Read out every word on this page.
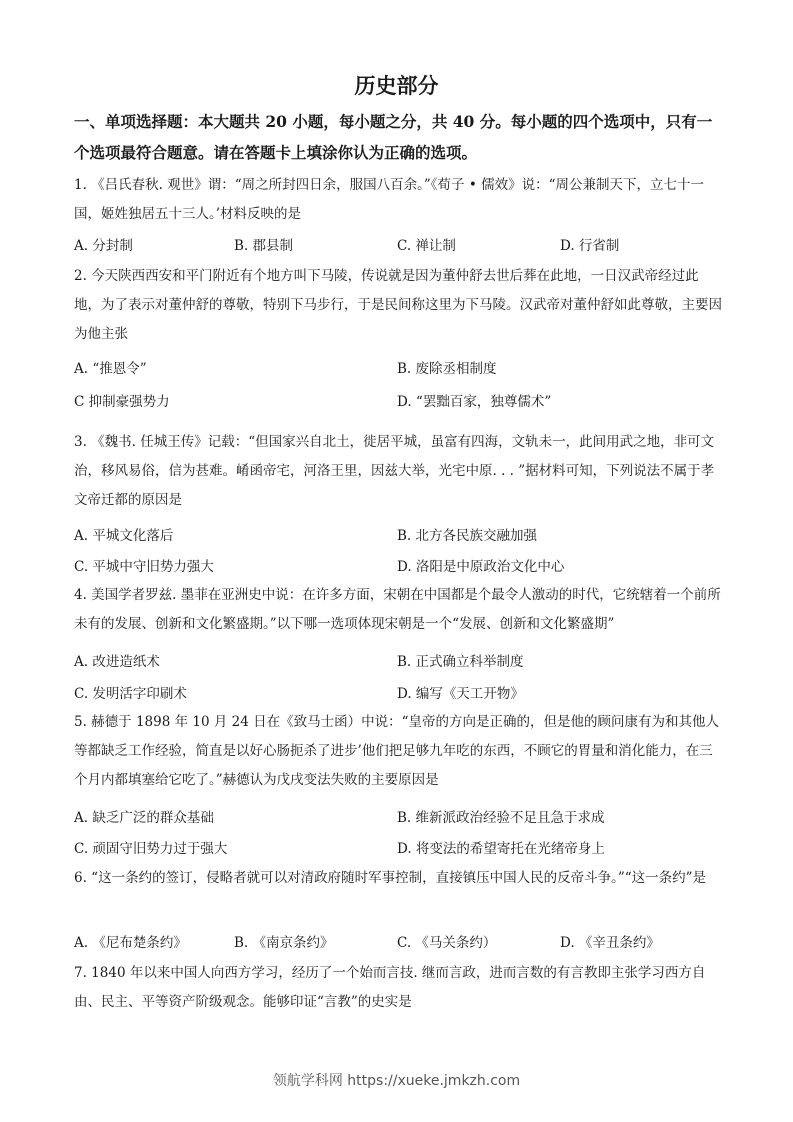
历史部分
一、单项选择题：本大题共 20 小题，每小题之分，共 40 分。每小题的四个选项中，只有一个选项最符合题意。请在答题卡上填涂你认为正确的选项。
1. 《吕氏春秋. 观世》谓：“周之所封四日余，服国八百余。”《荀子 • 儒效》说：“周公兼制天下，立七十一国，姬姓独居五十三人。’材料反映的是
A. 分封制	B. 郡县制	C. 禅让制	D. 行省制
2. 今天陕西西安和平门附近有个地方叫下马陵，传说就是因为董仲舒去世后葬在此地，一日汉武帝经过此地，为了表示对董仲舒的尊敬，特别下马步行，于是民间称这里为下马陵。汉武帝对董仲舒如此尊敬，主要因为他主张
A. “推恩令”	B. 废除丞相制度
C 抑制豪强势力	D. “罢黜百家，独尊儒术”
3. 《魏书. 任城王传》记载：“但国家兴自北土，徙居平城，虽富有四海，文轨未一，此间用武之地，非可文治，移风易俗，信为甚难。崤函帝宅，河洛王里，因兹大举，光宅中原. . . ”据材料可知，下列说法不属于孝文帝迁都的原因是
A. 平城文化落后	B. 北方各民族交融加强
C. 平城中守旧势力强大	D. 洛阳是中原政治文化中心
4. 美国学者罗兹. 墨菲在亚洲史中说：在许多方面，宋朝在中国都是个最令人激动的时代，它统辖着一个前所未有的发展、创新和文化繁盛期。”以下哪一选项体现宋朝是一个“发展、创新和文化繁盛期”
A. 改进造纸术	B. 正式确立科举制度
C. 发明活字印刷术	D. 编写《天工开物》
5. 赫德于 1898 年 10 月 24 日在《致马士函）中说：“皇帝的方向是正确的，但是他的顾问康有为和其他人等都缺乏工作经验，简直是以好心肠扼杀了进步’他们把足够九年吃的东西，不顾它的胃量和消化能力，在三个月内都填塞给它吃了。”赫德认为戊戌变法失败的主要原因是
A. 缺乏广泛的群众基础	B. 维新派政治经验不足且急于求成
C. 顽固守旧势力过于强大	D. 将变法的希望寄托在光绪帝身上
6. “这一条约的签订，侵略者就可以对清政府随时军事控制，直接镇压中国人民的反帝斗争。”“这一条约”是
A. 《尼布楚条约》	B. 《南京条约》	C. 《马关条约）	D. 《辛丑条约》
7. 1840 年以来中国人向西方学习，经历了一个始而言技. 继而言政，进而言数的有言教即主张学习西方自由、民主、平等资产阶级观念。能够印证“言教”的史实是
领航学科网 https://xueke.jmkzh.com
